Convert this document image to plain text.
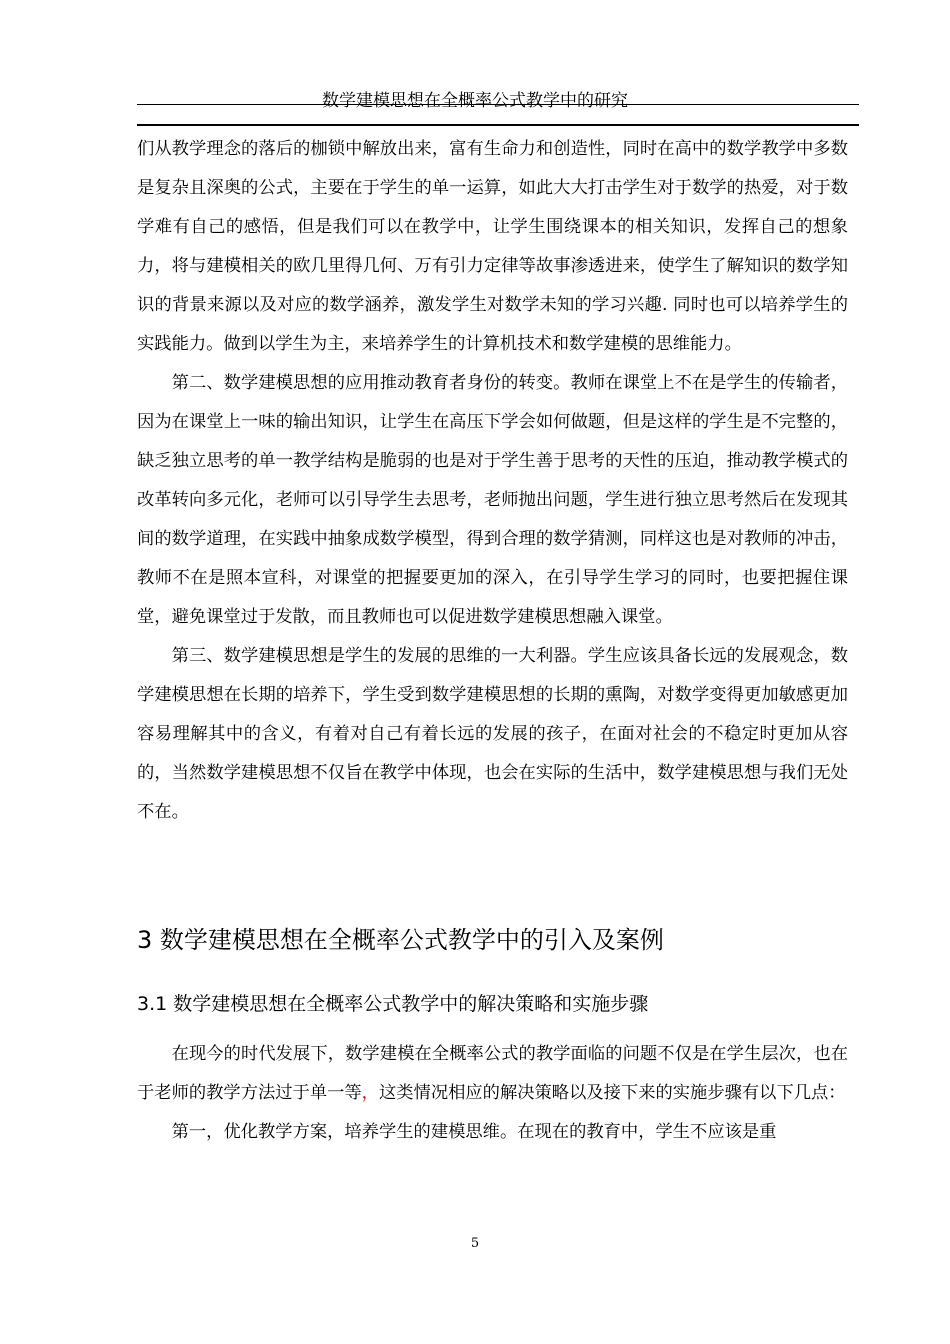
数学建模思想在全概率公式教学中的研究

们从教学理念的落后的枷锁中解放出来，富有生命力和创造性，同时在高中的数学教学中多数是复杂且深奥的公式，主要在于学生的单一运算，如此大大打击学生对于数学的热爱，对于数学难有自己的感悟，但是我们可以在教学中，让学生围绕课本的相关知识，发挥自己的想象力，将与建模相关的欧几里得几何、万有引力定律等故事渗透进来，使学生了解知识的数学知识的背景来源以及对应的数学涵养，激发学生对数学未知的学习兴趣. 同时也可以培养学生的实践能力。做到以学生为主，来培养学生的计算机技术和数学建模的思维能力。

第二、数学建模思想的应用推动教育者身份的转变。教师在课堂上不在是学生的传输者，因为在课堂上一味的输出知识，让学生在高压下学会如何做题，但是这样的学生是不完整的，缺乏独立思考的单一教学结构是脆弱的也是对于学生善于思考的天性的压迫，推动教学模式的改革转向多元化，老师可以引导学生去思考，老师抛出问题，学生进行独立思考然后在发现其间的数学道理，在实践中抽象成数学模型，得到合理的数学猜测，同样这也是对教师的冲击，教师不在是照本宣科，对课堂的把握要更加的深入，在引导学生学习的同时，也要把握住课堂，避免课堂过于发散，而且教师也可以促进数学建模思想融入课堂。

第三、数学建模思想是学生的发展的思维的一大利器。学生应该具备长远的发展观念，数学建模思想在长期的培养下，学生受到数学建模思想的长期的熏陶，对数学变得更加敏感更加容易理解其中的含义，有着对自己有着长远的发展的孩子，在面对社会的不稳定时更加从容的，当然数学建模思想不仅旨在教学中体现，也会在实际的生活中，数学建模思想与我们无处不在。

3 数学建模思想在全概率公式教学中的引入及案例
3.1 数学建模思想在全概率公式教学中的解决策略和实施步骤

在现今的时代发展下，数学建模在全概率公式的教学面临的问题不仅是在学生层次，也在于老师的教学方法过于单一等，这类情况相应的解决策略以及接下来的实施步骤有以下几点：

第一，优化教学方案，培养学生的建模思维。在现在的教育中，学生不应该是重

5
